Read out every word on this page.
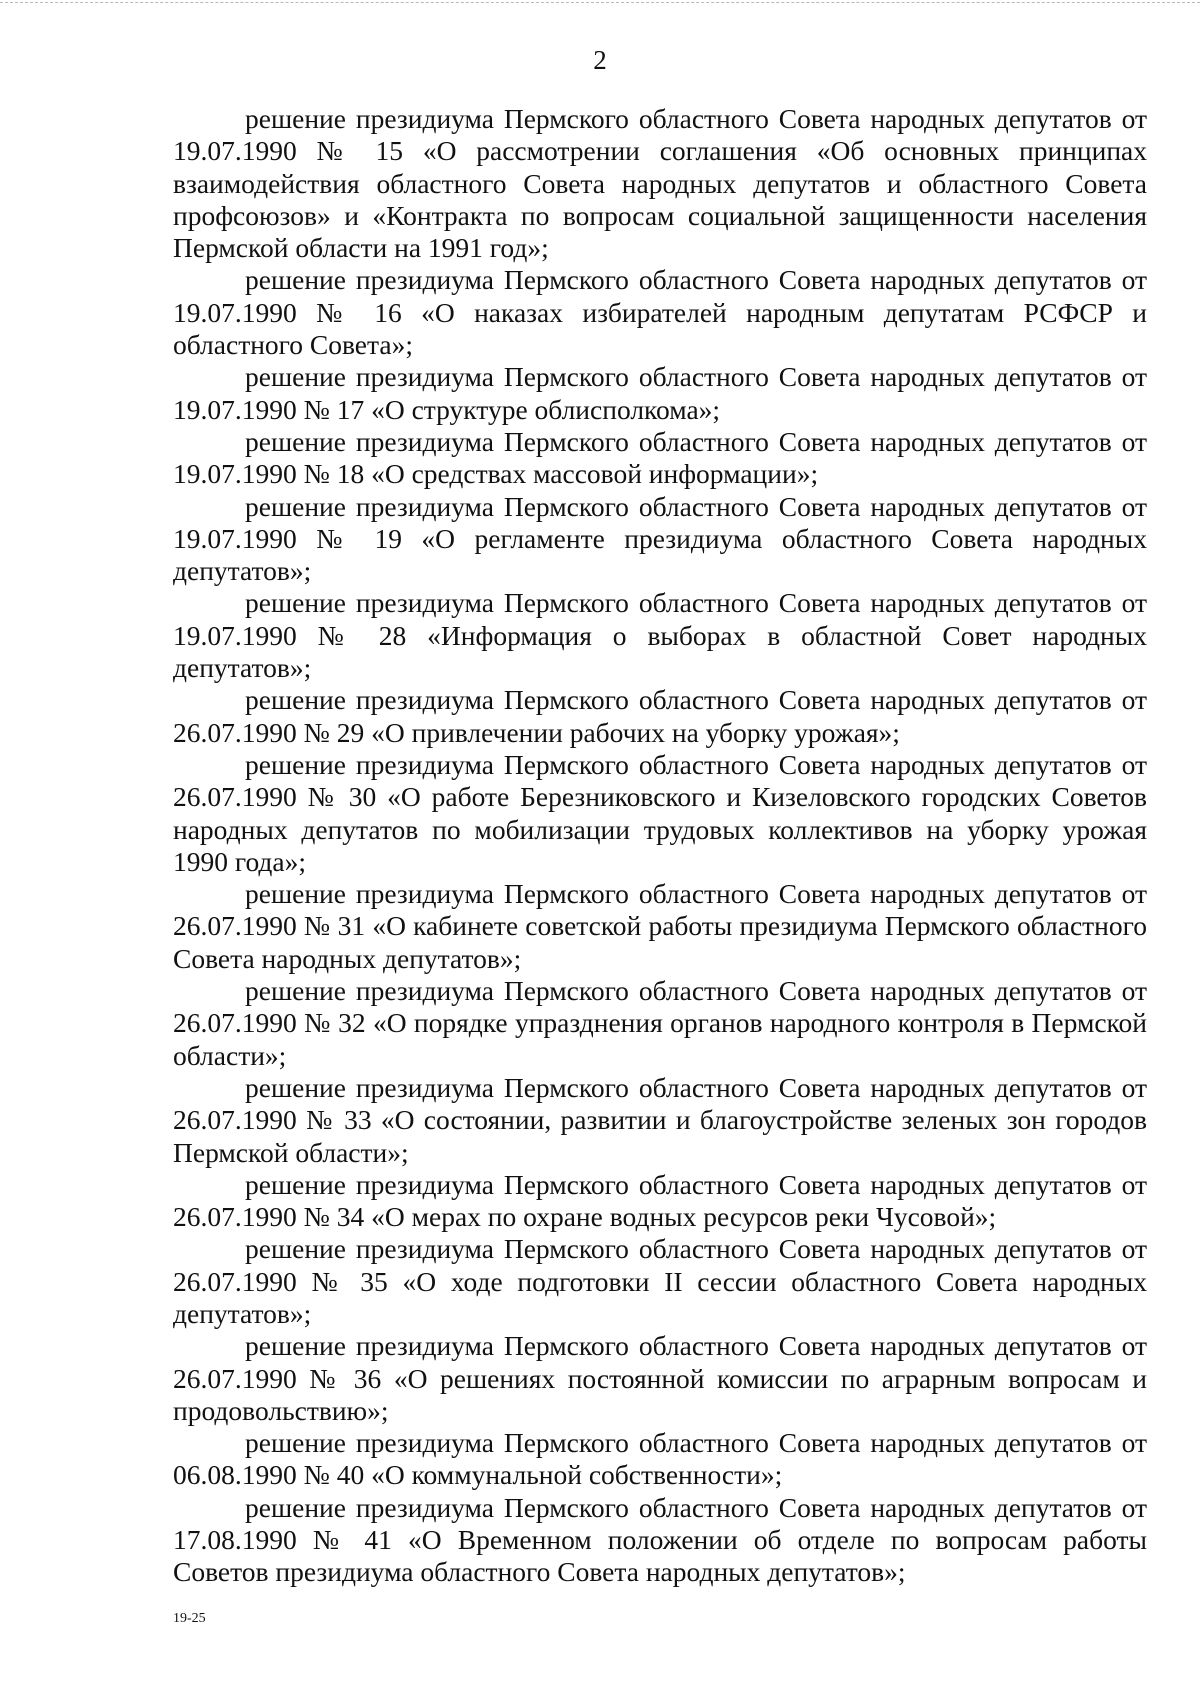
2

решение президиума Пермского областного Совета народных депутатов от 19.07.1990 № 15 «О рассмотрении соглашения «Об основных принципах взаимодействия областного Совета народных депутатов и областного Совета профсоюзов» и «Контракта по вопросам социальной защищенности населения Пермской области на 1991 год»;

решение президиума Пермского областного Совета народных депутатов от 19.07.1990 № 16 «О наказах избирателей народным депутатам РСФСР и областного Совета»;

решение президиума Пермского областного Совета народных депутатов от 19.07.1990 № 17 «О структуре облисполкома»;

решение президиума Пермского областного Совета народных депутатов от 19.07.1990 № 18 «О средствах массовой информации»;

решение президиума Пермского областного Совета народных депутатов от 19.07.1990 № 19 «О регламенте президиума областного Совета народных депутатов»;

решение президиума Пермского областного Совета народных депутатов от 19.07.1990 № 28 «Информация о выборах в областной Совет народных депутатов»;

решение президиума Пермского областного Совета народных депутатов от 26.07.1990 № 29 «О привлечении рабочих на уборку урожая»;

решение президиума Пермского областного Совета народных депутатов от 26.07.1990 № 30 «О работе Березниковского и Кизеловского городских Советов народных депутатов по мобилизации трудовых коллективов на уборку урожая 1990 года»;

решение президиума Пермского областного Совета народных депутатов от 26.07.1990 № 31 «О кабинете советской работы президиума Пермского областного Совета народных депутатов»;

решение президиума Пермского областного Совета народных депутатов от 26.07.1990 № 32 «О порядке упразднения органов народного контроля в Пермской области»;

решение президиума Пермского областного Совета народных депутатов от 26.07.1990 № 33 «О состоянии, развитии и благоустройстве зеленых зон городов Пермской области»;

решение президиума Пермского областного Совета народных депутатов от 26.07.1990 № 34 «О мерах по охране водных ресурсов реки Чусовой»;

решение президиума Пермского областного Совета народных депутатов от 26.07.1990 № 35 «О ходе подготовки II сессии областного Совета народных депутатов»;

решение президиума Пермского областного Совета народных депутатов от 26.07.1990 № 36 «О решениях постоянной комиссии по аграрным вопросам и продовольствию»;

решение президиума Пермского областного Совета народных депутатов от 06.08.1990 № 40 «О коммунальной собственности»;

решение президиума Пермского областного Совета народных депутатов от 17.08.1990 № 41 «О Временном положении об отделе по вопросам работы Советов президиума областного Совета народных депутатов»;

19-25
